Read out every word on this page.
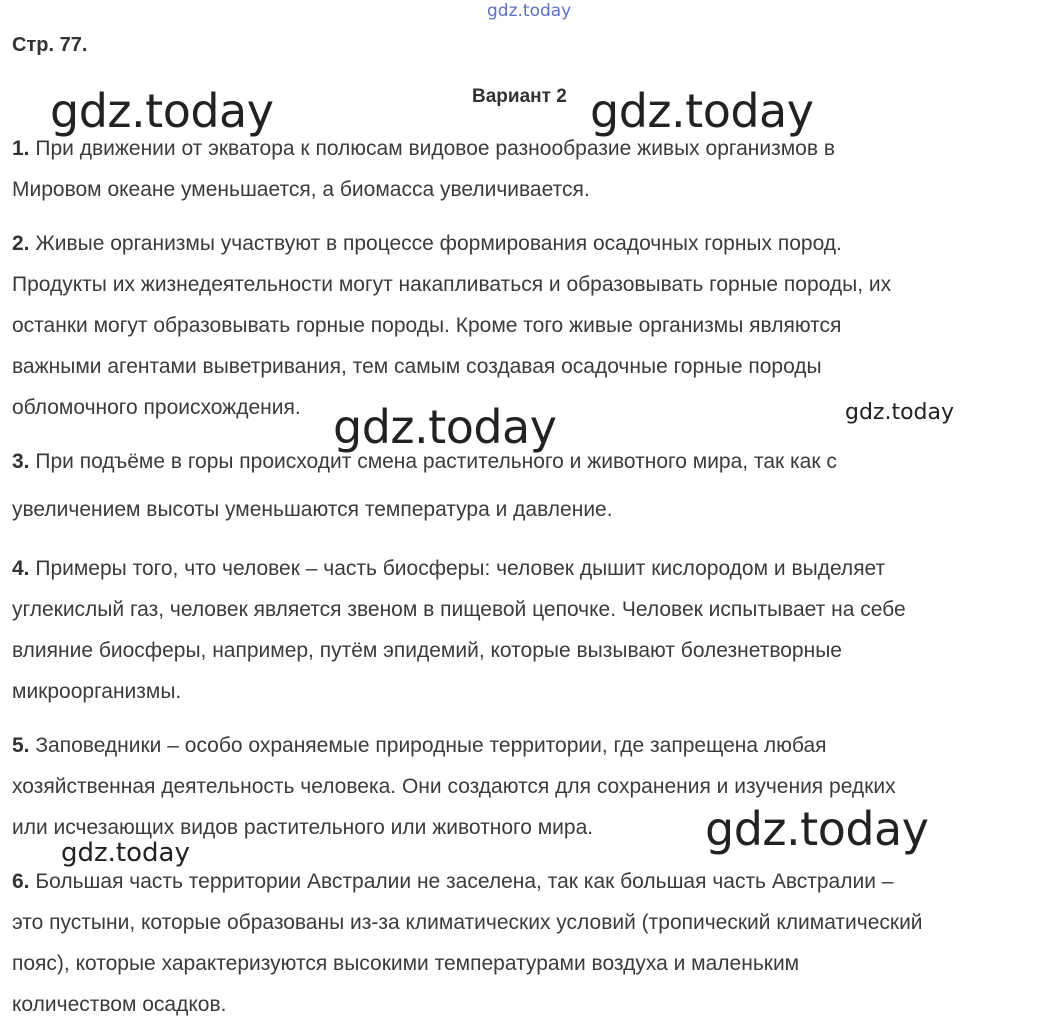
gdz.today
Стр. 77.
Вариант 2
1. При движении от экватора к полюсам видовое разнообразие живых организмов в
Мировом океане уменьшается, а биомасса увеличивается.
2. Живые организмы участвуют в процессе формирования осадочных горных пород.
Продукты их жизнедеятельности могут накапливаться и образовывать горные породы, их
останки могут образовывать горные породы. Кроме того живые организмы являются
важными агентами выветривания, тем самым создавая осадочные горные породы
обломочного происхождения.
3. При подъёме в горы происходит смена растительного и животного мира, так как с
увеличением высоты уменьшаются температура и давление.
4. Примеры того, что человек – часть биосферы: человек дышит кислородом и выделяет
углекислый газ, человек является звеном в пищевой цепочке. Человек испытывает на себе
влияние биосферы, например, путём эпидемий, которые вызывают болезнетворные
микроорганизмы.
5. Заповедники – особо охраняемые природные территории, где запрещена любая
хозяйственная деятельность человека. Они создаются для сохранения и изучения редких
или исчезающих видов растительного или животного мира.
6. Большая часть территории Австралии не заселена, так как большая часть Австралии –
это пустыни, которые образованы из-за климатических условий (тропический климатический
пояс), которые характеризуются высокими температурами воздуха и маленьким
количеством осадков.
gdz.today	gdz.today
gdz.today	gdz.today
gdz.today
gdz.today
